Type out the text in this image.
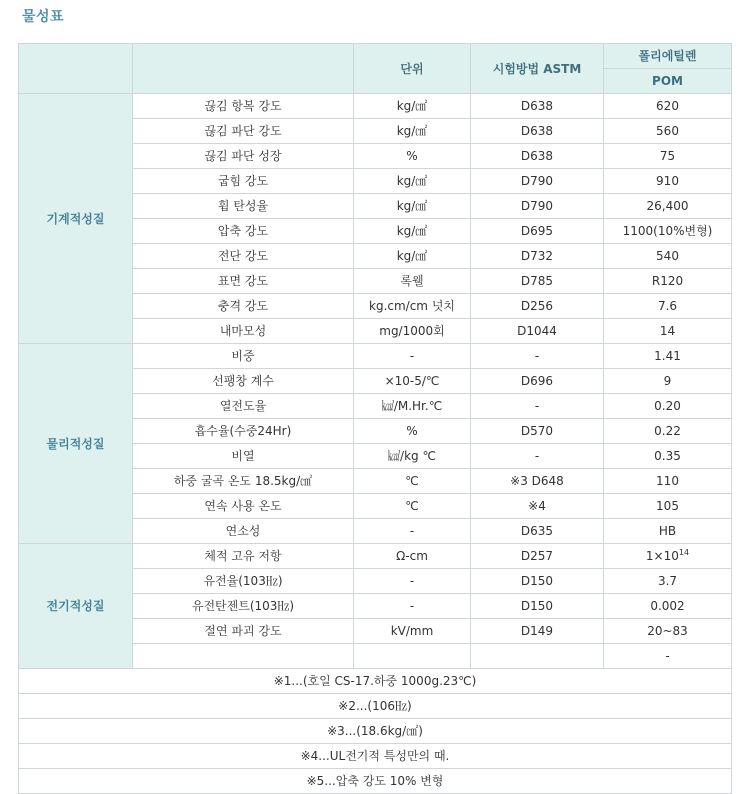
물성표
		단위	시험방법 ASTM	폴리에틸렌
				POM
기계적성질	끊김 항복 강도	kg/㎠	D638	620
	끊김 파단 강도	kg/㎠	D638	560
	끊김 파단 성장	%	D638	75
	굽힘 강도	kg/㎠	D790	910
	휨 탄성율	kg/㎠	D790	26,400
	압축 강도	kg/㎠	D695	1100(10%변형)
	전단 강도	kg/㎠	D732	540
	표면 강도	록웰	D785	R120
	충격 강도	kg.cm/cm 넛치	D256	7.6
	내마모성	mg/1000회	D1044	14
물리적성질	비중	-	-	1.41
	선팽창 계수	×10-5/℃	D696	9
	열전도율	㎉/M.Hr.℃	-	0.20
	흡수율(수중24Hr)	%	D570	0.22
	비열	㎉/kg ℃	-	0.35
	하중 굴곡 온도 18.5kg/㎠	℃	※3 D648	110
	연속 사용 온도	℃	※4	105
	연소성	-	D635	HB
전기적성질	체적 고유 저항	Ω-cm	D257	$1\times 10^{14}$
	유전율(103㎐)	-	D150	3.7
	유전탄젠트(103㎐)	-	D150	0.002
	절연 파괴 강도	kV/mm	D149	20~83
				-
※1...(호일 CS-17.하중 1000g.23℃)				
※2...(106㎐)				
※3...(18.6kg/㎠)				
※4...UL전기적 특성만의 때.				
※5...압축 강도 10% 변형				
